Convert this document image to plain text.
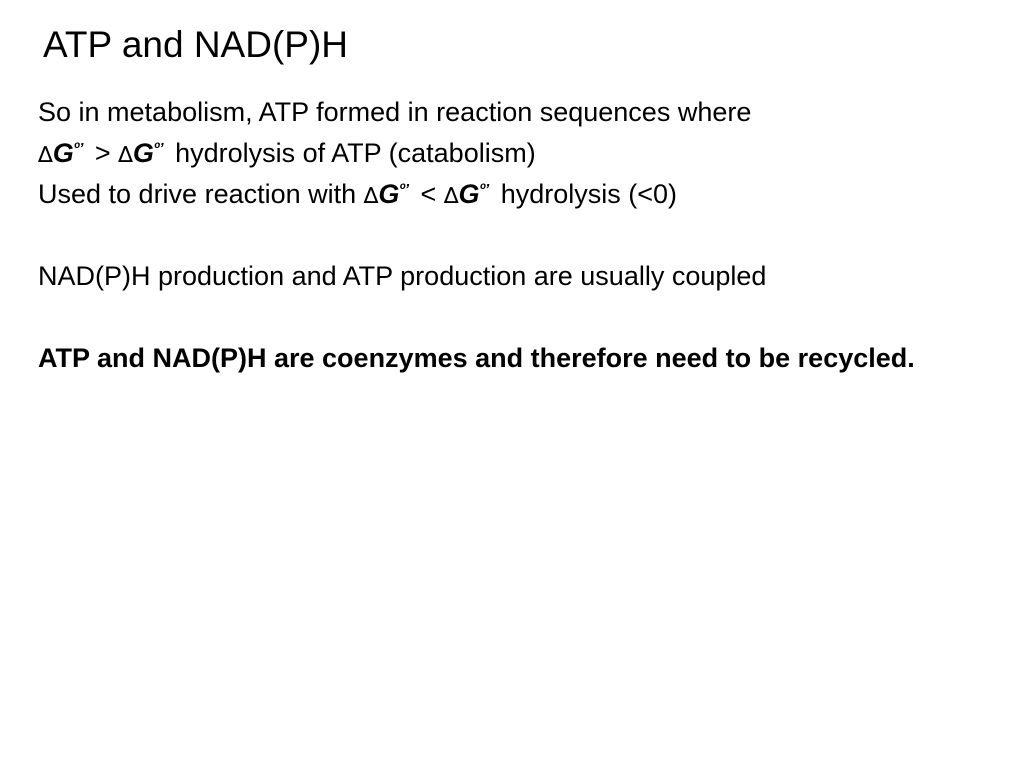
ATP and NAD(P)H
So in metabolism, ATP formed in reaction sequences where
$\Delta G^{º’} > \Delta G^{º’}$ hydrolysis of ATP (catabolism)
Used to drive reaction with $\Delta G^{º’} < \Delta G^{º’}$ hydrolysis (<0)
NAD(P)H production and ATP production are usually coupled
ATP and NAD(P)H are coenzymes and therefore need to be recycled.
